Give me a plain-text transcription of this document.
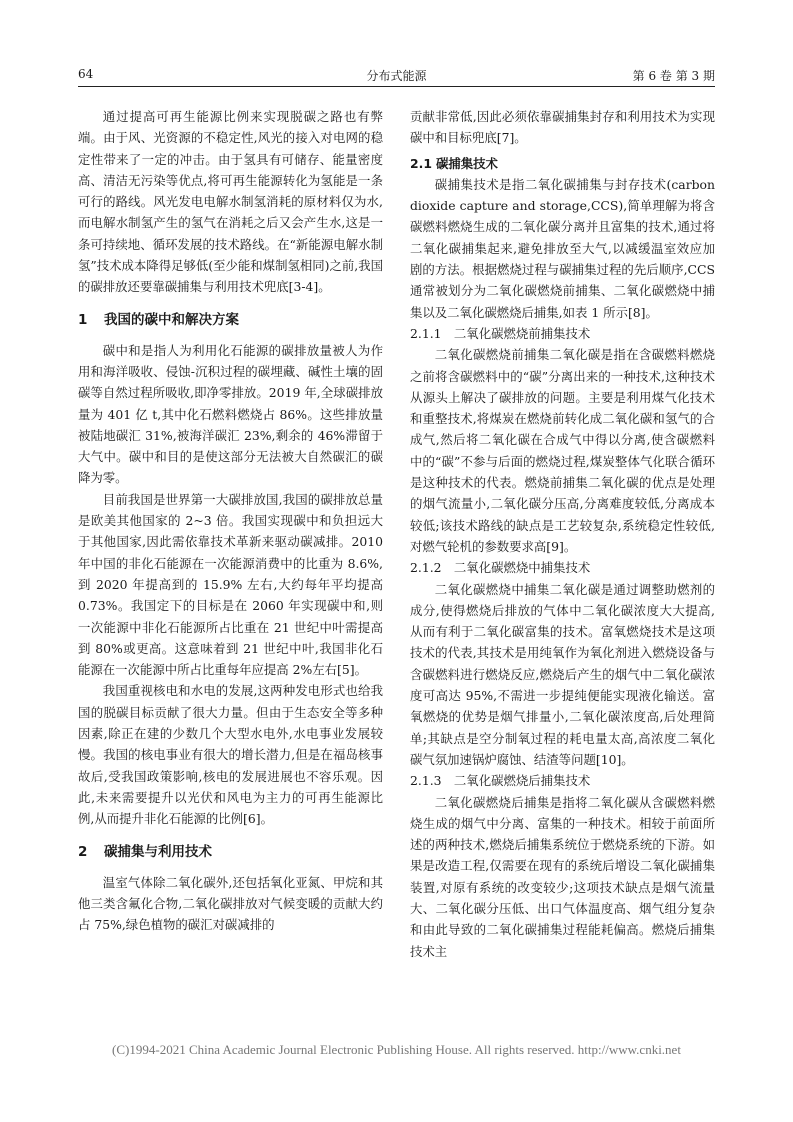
64	分布式能源	第 6 卷 第 3 期

通过提高可再生能源比例来实现脱碳之路也有弊端。由于风、光资源的不稳定性,风光的接入对电网的稳定性带来了一定的冲击。由于氢具有可储存、能量密度高、清洁无污染等优点,将可再生能源转化为氢能是一条可行的路线。风光发电电解水制氢消耗的原材料仅为水,而电解水制氢产生的氢气在消耗之后又会产生水,这是一条可持续地、循环发展的技术路线。在“新能源电解水制氢”技术成本降得足够低(至少能和煤制氢相同)之前,我国的碳排放还要靠碳捕集与利用技术兜底[3-4]。

1 我国的碳中和解决方案

碳中和是指人为利用化石能源的碳排放量被人为作用和海洋吸收、侵蚀-沉积过程的碳埋藏、碱性土壤的固碳等自然过程所吸收,即净零排放。2019 年,全球碳排放量为 401 亿 t,其中化石燃料燃烧占 86%。这些排放量被陆地碳汇 31%,被海洋碳汇 23%,剩余的 46%滞留于大气中。碳中和目的是使这部分无法被大自然碳汇的碳降为零。

目前我国是世界第一大碳排放国,我国的碳排放总量是欧美其他国家的 2~3 倍。我国实现碳中和负担远大于其他国家,因此需依靠技术革新来驱动碳减排。2010 年中国的非化石能源在一次能源消费中的比重为 8.6%,到 2020 年提高到的 15.9% 左右,大约每年平均提高 0.73%。我国定下的目标是在 2060 年实现碳中和,则一次能源中非化石能源所占比重在 21 世纪中叶需提高到 80%或更高。这意味着到 21 世纪中叶,我国非化石能源在一次能源中所占比重每年应提高 2%左右[5]。

我国重视核电和水电的发展,这两种发电形式也给我国的脱碳目标贡献了很大力量。但由于生态安全等多种因素,除正在建的少数几个大型水电外,水电事业发展较慢。我国的核电事业有很大的增长潜力,但是在福岛核事故后,受我国政策影响,核电的发展进展也不容乐观。因此,未来需要提升以光伏和风电为主力的可再生能源比例,从而提升非化石能源的比例[6]。

2 碳捕集与利用技术

温室气体除二氧化碳外,还包括氧化亚氮、甲烷和其他三类含氟化合物,二氧化碳排放对气候变暖的贡献大约占 75%,绿色植物的碳汇对碳减排的

贡献非常低,因此必须依靠碳捕集封存和利用技术为实现碳中和目标兜底[7]。

2.1 碳捕集技术

碳捕集技术是指二氧化碳捕集与封存技术(carbon dioxide capture and storage,CCS),简单理解为将含碳燃料燃烧生成的二氧化碳分离并且富集的技术,通过将二氧化碳捕集起来,避免排放至大气,以减缓温室效应加剧的方法。根据燃烧过程与碳捕集过程的先后顺序,CCS 通常被划分为二氧化碳燃烧前捕集、二氧化碳燃烧中捕集以及二氧化碳燃烧后捕集,如表 1 所示[8]。

2.1.1　二氧化碳燃烧前捕集技术

二氧化碳燃烧前捕集二氧化碳是指在含碳燃料燃烧之前将含碳燃料中的“碳”分离出来的一种技术,这种技术从源头上解决了碳排放的问题。主要是利用煤气化技术和重整技术,将煤炭在燃烧前转化成二氧化碳和氢气的合成气,然后将二氧化碳在合成气中得以分离,使含碳燃料中的“碳”不参与后面的燃烧过程,煤炭整体气化联合循环是这种技术的代表。燃烧前捕集二氧化碳的优点是处理的烟气流量小,二氧化碳分压高,分离难度较低,分离成本较低;该技术路线的缺点是工艺较复杂,系统稳定性较低,对燃气轮机的参数要求高[9]。

2.1.2　二氧化碳燃烧中捕集技术

二氧化碳燃烧中捕集二氧化碳是通过调整助燃剂的成分,使得燃烧后排放的气体中二氧化碳浓度大大提高,从而有利于二氧化碳富集的技术。富氧燃烧技术是这项技术的代表,其技术是用纯氧作为氧化剂进入燃烧设备与含碳燃料进行燃烧反应,燃烧后产生的烟气中二氧化碳浓度可高达 95%,不需进一步提纯便能实现液化输送。富氧燃烧的优势是烟气排量小,二氧化碳浓度高,后处理简单;其缺点是空分制氧过程的耗电量太高,高浓度二氧化碳气氛加速锅炉腐蚀、结渣等问题[10]。

2.1.3　二氧化碳燃烧后捕集技术

二氧化碳燃烧后捕集是指将二氧化碳从含碳燃料燃烧生成的烟气中分离、富集的一种技术。相较于前面所述的两种技术,燃烧后捕集系统位于燃烧系统的下游。如果是改造工程,仅需要在现有的系统后增设二氧化碳捕集装置,对原有系统的改变较少;这项技术缺点是烟气流量大、二氧化碳分压低、出口气体温度高、烟气组分复杂和由此导致的二氧化碳捕集过程能耗偏高。燃烧后捕集技术主

(C)1994-2021 China Academic Journal Electronic Publishing House. All rights reserved. http://www.cnki.net
